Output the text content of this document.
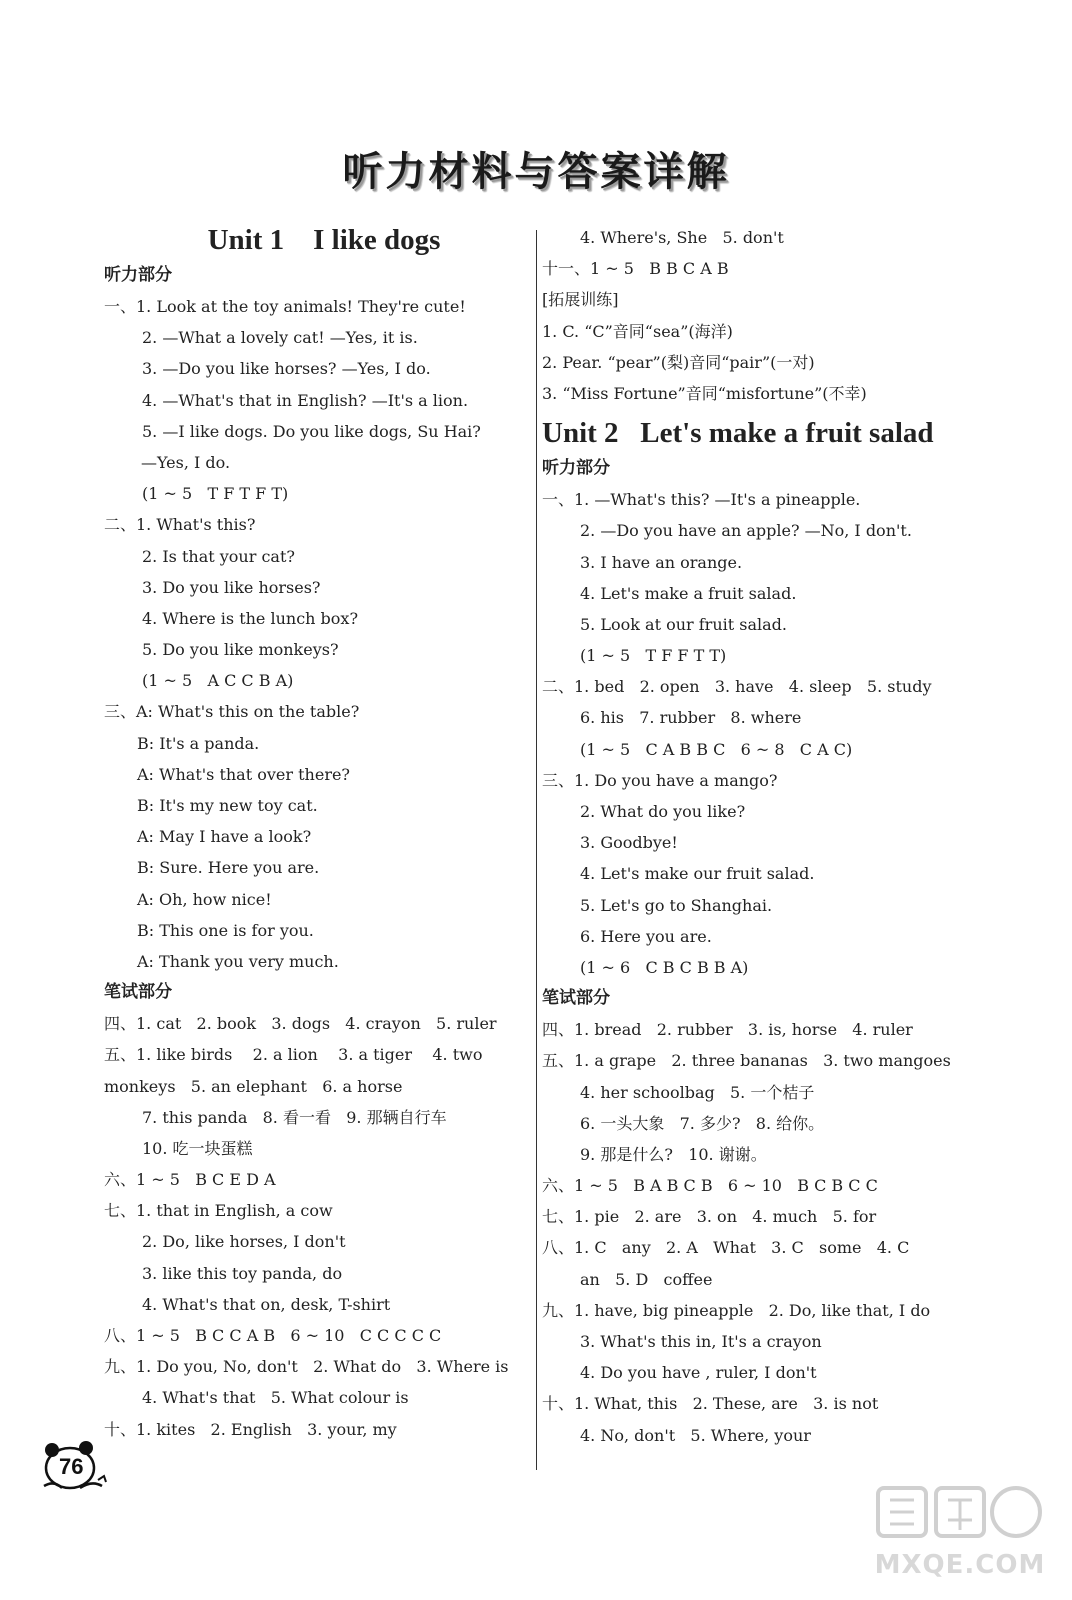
听力材料与答案详解
Unit 1    I like dogs
听力部分
一、1. Look at the toy animals! They're cute!
2. —What a lovely cat! —Yes, it is.
3. —Do you like horses? —Yes, I do.
4. —What's that in English? —It's a lion.
5. —I like dogs. Do you like dogs, Su Hai?
—Yes, I do.
(1 ~ 5   T F T F T)
二、1. What's this?
2. Is that your cat?
3. Do you like horses?
4. Where is the lunch box?
5. Do you like monkeys?
(1 ~ 5   A C C B A)
三、A: What's this on the table?
B: It's a panda.
A: What's that over there?
B: It's my new toy cat.
A: May I have a look?
B: Sure. Here you are.
A: Oh, how nice!
B: This one is for you.
A: Thank you very much.
笔试部分
四、1. cat   2. book   3. dogs   4. crayon   5. ruler
五、1. like birds    2. a lion    3. a tiger    4. two
monkeys   5. an elephant   6. a horse
7. this panda   8. 看一看   9. 那辆自行车
10. 吃一块蛋糕
六、1 ~ 5   B C E D A
七、1. that in English, a cow
2. Do, like horses, I don't
3. like this toy panda, do
4. What's that on, desk, T-shirt
八、1 ~ 5   B C C A B   6 ~ 10   C C C C C
九、1. Do you, No, don't   2. What do   3. Where is
4. What's that   5. What colour is
十、1. kites   2. English   3. your, my
4. Where's, She   5. don't
十一、1 ~ 5   B B C A B
[拓展训练]
1. C. “C”音同“sea”(海洋)
2. Pear. “pear”(梨)音同“pair”(一对)
3. “Miss Fortune”音同“misfortune”(不幸)
Unit 2   Let's make a fruit salad
听力部分
一、1. —What's this? —It's a pineapple.
2. —Do you have an apple? —No, I don't.
3. I have an orange.
4. Let's make a fruit salad.
5. Look at our fruit salad.
(1 ~ 5   T F F T T)
二、1. bed   2. open   3. have   4. sleep   5. study
6. his   7. rubber   8. where
(1 ~ 5   C A B B C   6 ~ 8   C A C)
三、1. Do you have a mango?
2. What do you like?
3. Goodbye!
4. Let's make our fruit salad.
5. Let's go to Shanghai.
6. Here you are.
(1 ~ 6   C B C B B A)
笔试部分
四、1. bread   2. rubber   3. is, horse   4. ruler
五、1. a grape   2. three bananas   3. two mangoes
4. her schoolbag   5. 一个桔子
6. 一头大象   7. 多少?   8. 给你。
9. 那是什么?   10. 谢谢。
六、1 ~ 5   B A B C B   6 ~ 10   B C B C C
七、1. pie   2. are   3. on   4. much   5. for
八、1. C   any   2. A   What   3. C   some   4. C
an   5. D   coffee
九、1. have, big pineapple   2. Do, like that, I do
3. What's this in, It's a crayon
4. Do you have , ruler, I don't
十、1. What, this   2. These, are   3. is not
4. No, don't   5. Where, your
76
MXQE.COM
